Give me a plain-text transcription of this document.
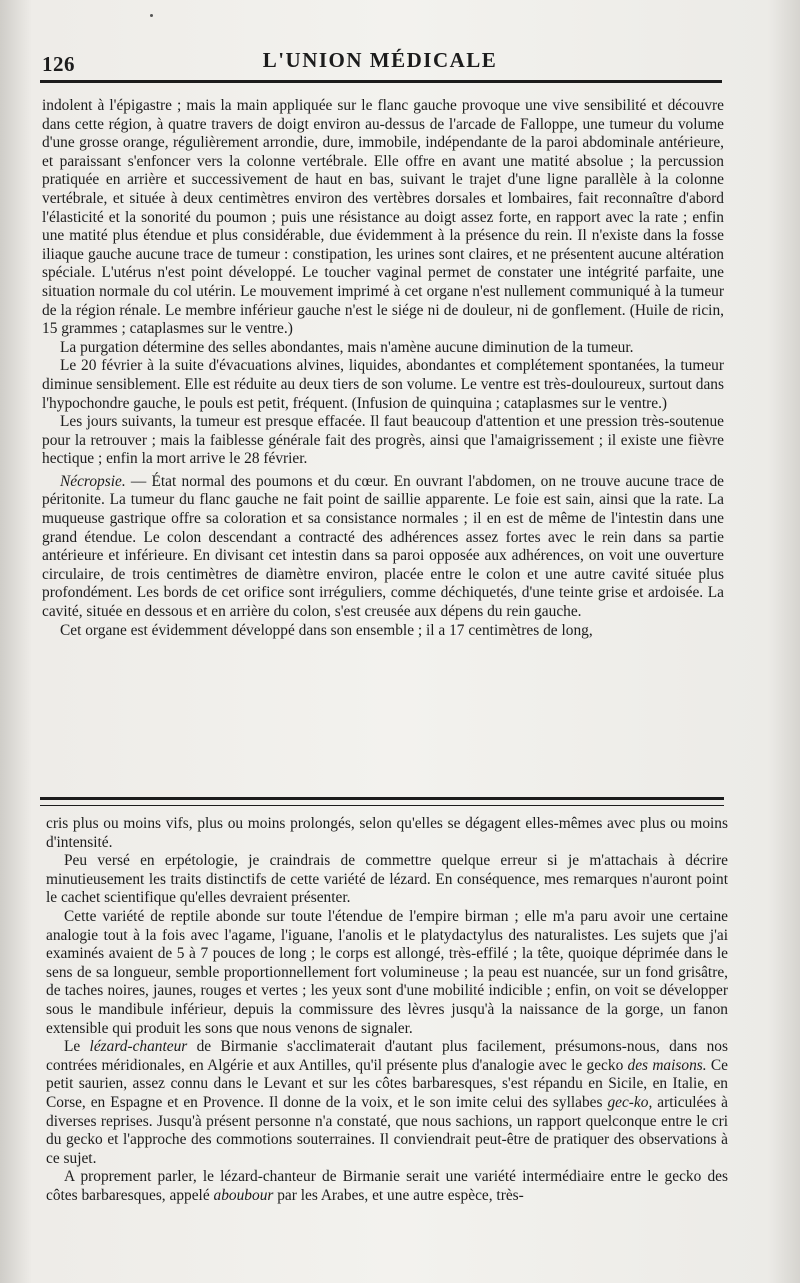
126	L'UNION MÉDICALE

indolent à l'épigastre ; mais la main appliquée sur le flanc gauche provoque une vive sensibilité et découvre dans cette région, à quatre travers de doigt environ au-dessus de l'arcade de Falloppe, une tumeur du volume d'une grosse orange, régulièrement arrondie, dure, immobile, indépendante de la paroi abdominale antérieure, et paraissant s'enfoncer vers la colonne vertébrale. Elle offre en avant une matité absolue ; la percussion pratiquée en arrière et successivement de haut en bas, suivant le trajet d'une ligne parallèle à la colonne vertébrale, et située à deux centimètres environ des vertèbres dorsales et lombaires, fait reconnaître d'abord l'élasticité et la sonorité du poumon ; puis une résistance au doigt assez forte, en rapport avec la rate ; enfin une matité plus étendue et plus considérable, due évidemment à la présence du rein. Il n'existe dans la fosse iliaque gauche aucune trace de tumeur : constipation, les urines sont claires, et ne présentent aucune altération spéciale. L'utérus n'est point développé. Le toucher vaginal permet de constater une intégrité parfaite, une situation normale du col utérin. Le mouvement imprimé à cet organe n'est nullement communiqué à la tumeur de la région rénale. Le membre inférieur gauche n'est le siége ni de douleur, ni de gonflement. (Huile de ricin, 15 grammes ; cataplasmes sur le ventre.)

La purgation détermine des selles abondantes, mais n'amène aucune diminution de la tumeur.

Le 20 février à la suite d'évacuations alvines, liquides, abondantes et complétement spontanées, la tumeur diminue sensiblement. Elle est réduite au deux tiers de son volume. Le ventre est très-douloureux, surtout dans l'hypochondre gauche, le pouls est petit, fréquent. (Infusion de quinquina ; cataplasmes sur le ventre.)

Les jours suivants, la tumeur est presque effacée. Il faut beaucoup d'attention et une pression très-soutenue pour la retrouver ; mais la faiblesse générale fait des progrès, ainsi que l'amaigrissement ; il existe une fièvre hectique ; enfin la mort arrive le 28 février.

Nécropsie. — État normal des poumons et du cœur. En ouvrant l'abdomen, on ne trouve aucune trace de péritonite. La tumeur du flanc gauche ne fait point de saillie apparente. Le foie est sain, ainsi que la rate. La muqueuse gastrique offre sa coloration et sa consistance normales ; il en est de même de l'intestin dans une grand étendue. Le colon descendant a contracté des adhérences assez fortes avec le rein dans sa partie antérieure et inférieure. En divisant cet intestin dans sa paroi opposée aux adhérences, on voit une ouverture circulaire, de trois centimètres de diamètre environ, placée entre le colon et une autre cavité située plus profondément. Les bords de cet orifice sont irréguliers, comme déchiquetés, d'une teinte grise et ardoisée. La cavité, située en dessous et en arrière du colon, s'est creusée aux dépens du rein gauche.

Cet organe est évidemment développé dans son ensemble ; il a 17 centimètres de long,

cris plus ou moins vifs, plus ou moins prolongés, selon qu'elles se dégagent elles-mêmes avec plus ou moins d'intensité.

Peu versé en erpétologie, je craindrais de commettre quelque erreur si je m'attachais à décrire minutieusement les traits distinctifs de cette variété de lézard. En conséquence, mes remarques n'auront point le cachet scientifique qu'elles devraient présenter.

Cette variété de reptile abonde sur toute l'étendue de l'empire birman ; elle m'a paru avoir une certaine analogie tout à la fois avec l'agame, l'iguane, l'anolis et le platydactylus des naturalistes. Les sujets que j'ai examinés avaient de 5 à 7 pouces de long ; le corps est allongé, très-effilé ; la tête, quoique déprimée dans le sens de sa longueur, semble proportionnellement fort volumineuse ; la peau est nuancée, sur un fond grisâtre, de taches noires, jaunes, rouges et vertes ; les yeux sont d'une mobilité indicible ; enfin, on voit se développer sous le mandibule inférieur, depuis la commissure des lèvres jusqu'à la naissance de la gorge, un fanon extensible qui produit les sons que nous venons de signaler.

Le lézard-chanteur de Birmanie s'acclimaterait d'autant plus facilement, présumons-nous, dans nos contrées méridionales, en Algérie et aux Antilles, qu'il présente plus d'analogie avec le gecko des maisons. Ce petit saurien, assez connu dans le Levant et sur les côtes barbaresques, s'est répandu en Sicile, en Italie, en Corse, en Espagne et en Provence. Il donne de la voix, et le son imite celui des syllabes gec-ko, articulées à diverses reprises. Jusqu'à présent personne n'a constaté, que nous sachions, un rapport quelconque entre le cri du gecko et l'approche des commotions souterraines. Il conviendrait peut-être de pratiquer des observations à ce sujet.

A proprement parler, le lézard-chanteur de Birmanie serait une variété intermédiaire entre le gecko des côtes barbaresques, appelé aboubour par les Arabes, et une autre espèce, très-
